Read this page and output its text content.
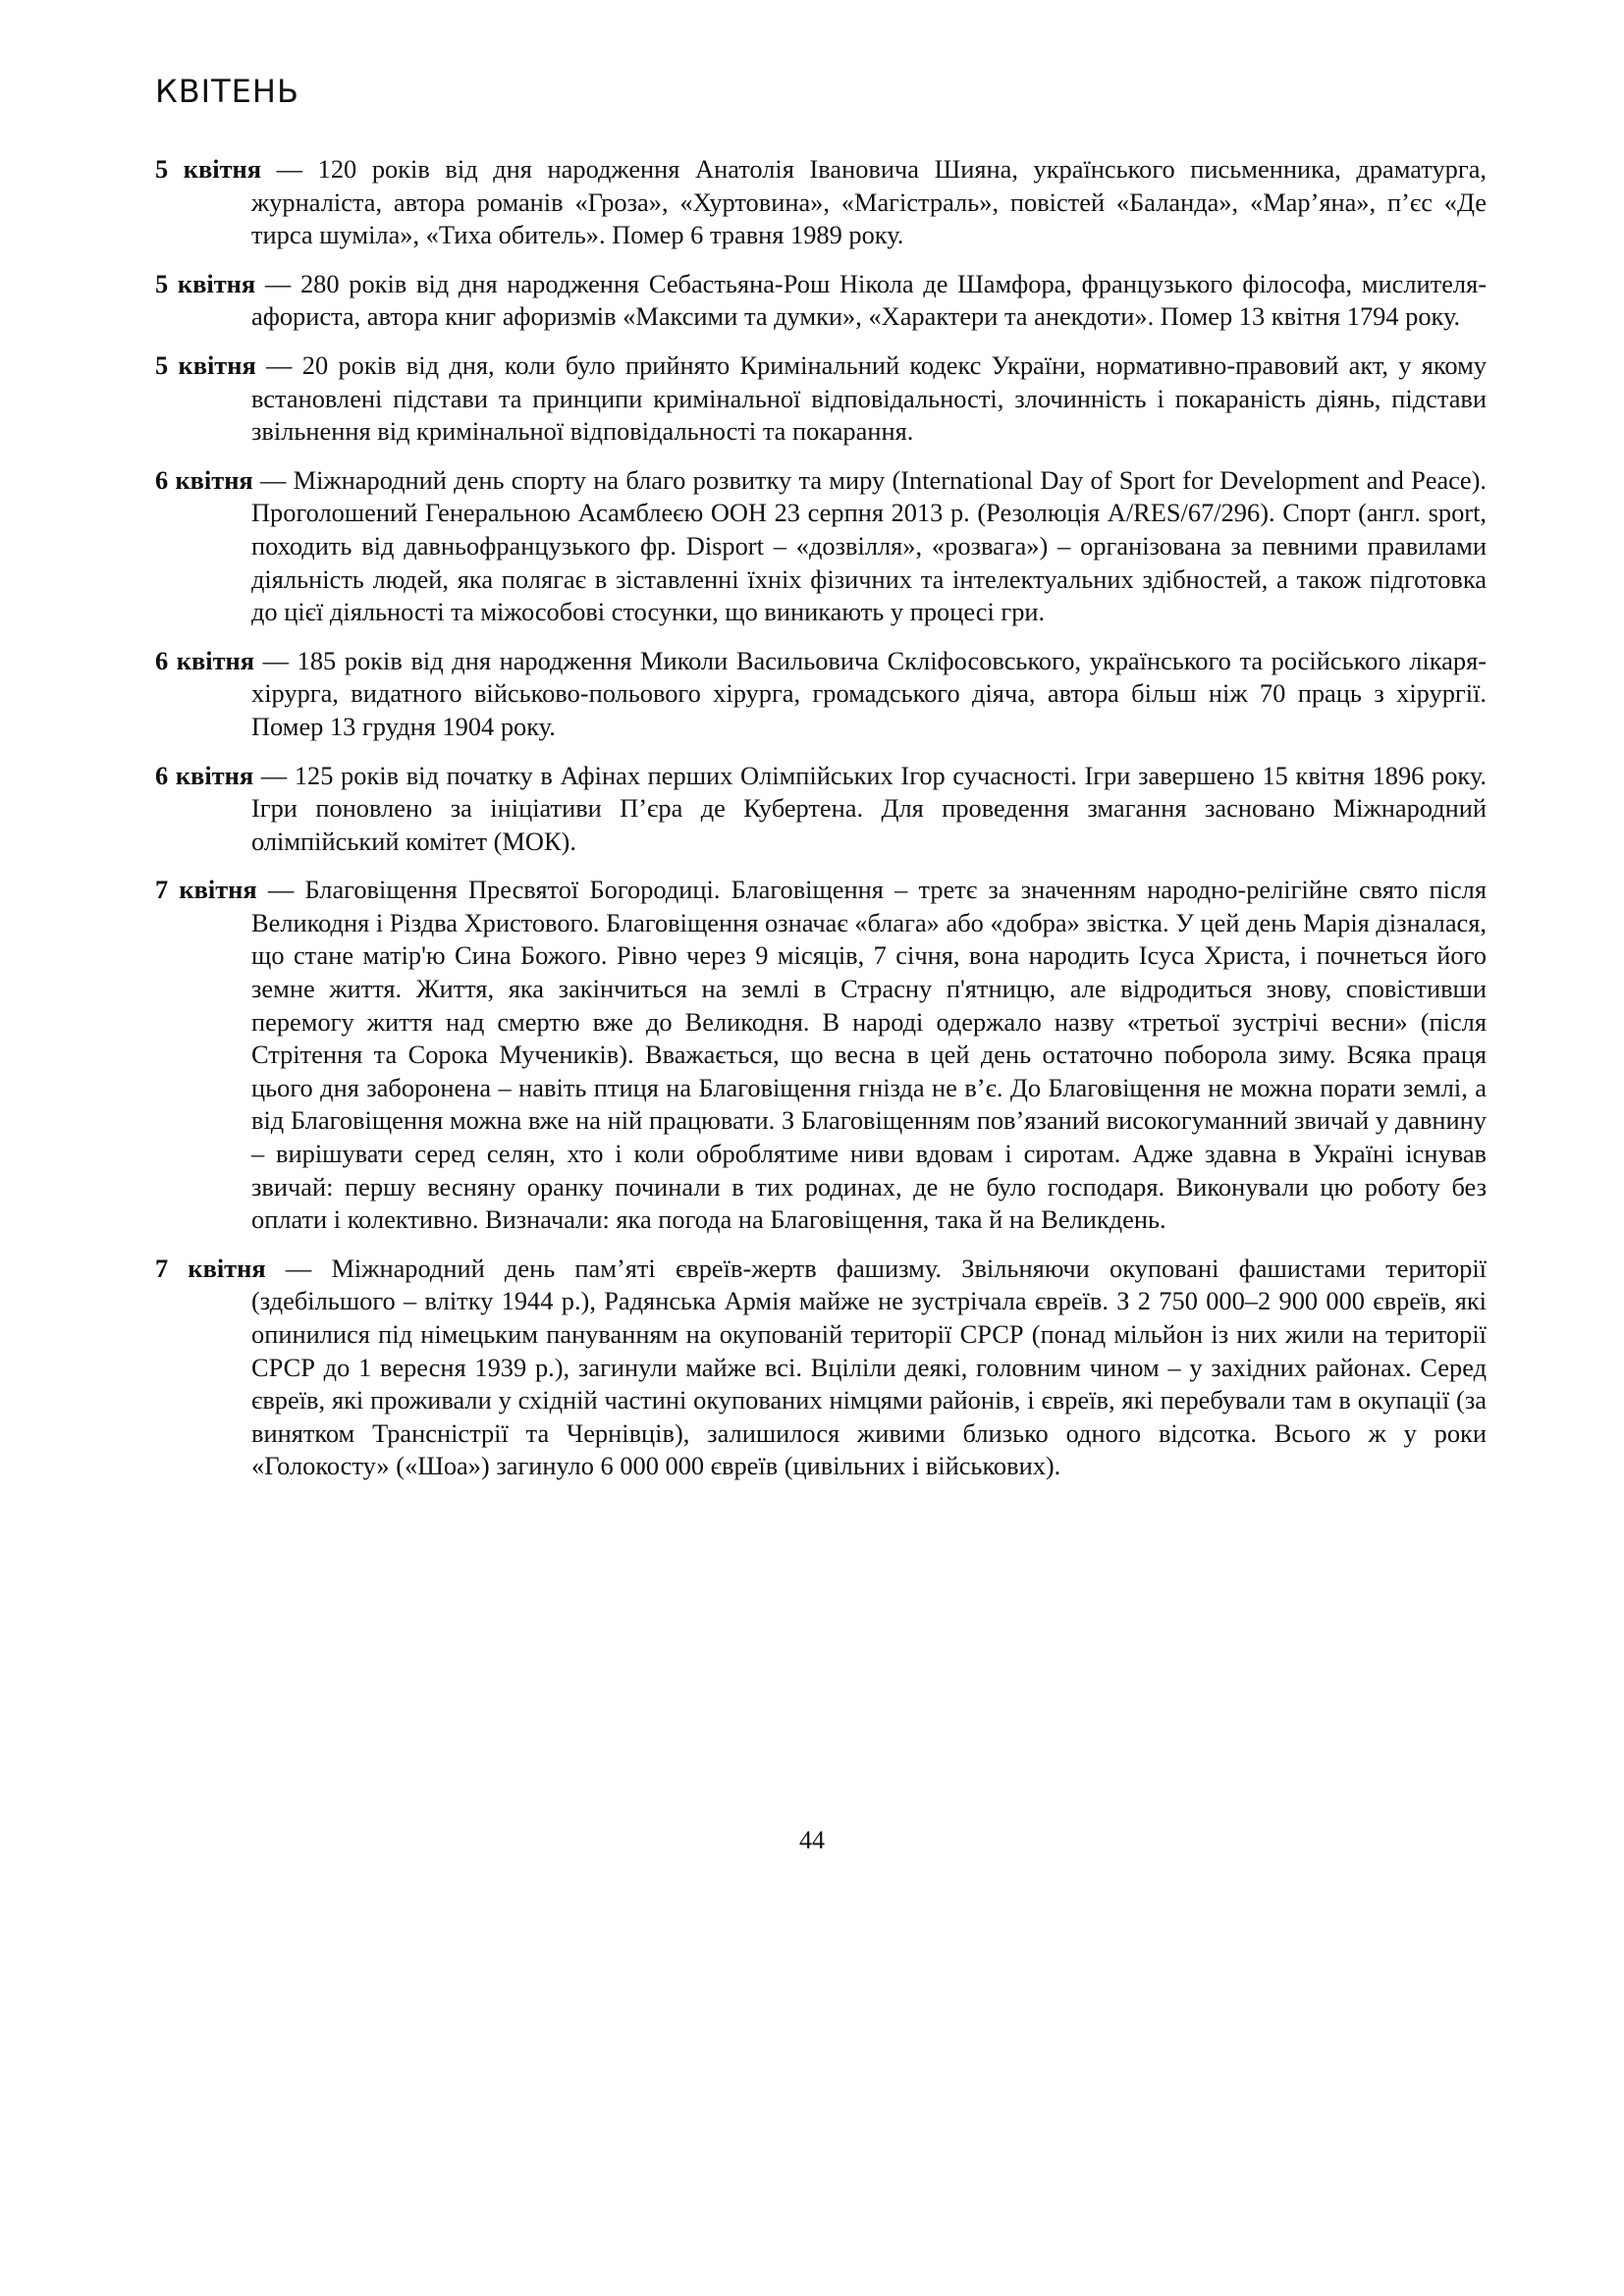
КВІТЕНЬ

5 квітня — 120 років від дня народження Анатолія Івановича Шияна, українського письменника, драматурга, журналіста, автора романів «Гроза», «Хуртовина», «Магістраль», повістей «Баланда», «Мар’яна», п’єс «Де тирса шуміла», «Тиха обитель». Помер 6 травня 1989 року.

5 квітня — 280 років від дня народження Себастьяна-Рош Нікола де Шамфора, французького філософа, мислителя-афориста, автора книг афоризмів «Максими та думки», «Характери та анекдоти». Помер 13 квітня 1794 року.

5 квітня — 20 років від дня, коли було прийнято Кримінальний кодекс України, нормативно-правовий акт, у якому встановлені підстави та принципи кримінальної відповідальності, злочинність і покараність діянь, підстави звільнення від кримінальної відповідальності та покарання.

6 квітня — Міжнародний день спорту на благо розвитку та миру (International Day of Sport for Development and Peace). Проголошений Генеральною Асамблеєю ООН 23 серпня 2013 р. (Резолюція A/RES/67/296). Спорт (англ. sport, походить від давньофранцузького фр. Disport – «дозвілля», «розвага») – організована за певними правилами діяльність людей, яка полягає в зіставленні їхніх фізичних та інтелектуальних здібностей, а також підготовка до цієї діяльності та міжособові стосунки, що виникають у процесі гри.

6 квітня — 185 років від дня народження Миколи Васильовича Скліфосовського, українського та російського лікаря-хірурга, видатного військово-польового хірурга, громадського діяча, автора більш ніж 70 праць з хірургії. Помер 13 грудня 1904 року.

6 квітня — 125 років від початку в Афінах перших Олімпійських Ігор сучасності. Ігри завершено 15 квітня 1896 року. Ігри поновлено за ініціативи П’єра де Кубертена. Для проведення змагання засновано Міжнародний олімпійський комітет (МОК).

7 квітня — Благовіщення Пресвятої Богородиці. Благовіщення – третє за значенням народно-релігійне свято після Великодня і Різдва Христового. Благовіщення означає «блага» або «добра» звістка. У цей день Марія дізналася, що стане матір'ю Сина Божого. Рівно через 9 місяців, 7 січня, вона народить Ісуса Христа, і почнеться його земне життя. Життя, яка закінчиться на землі в Страсну п'ятницю, але відродиться знову, сповістивши перемогу життя над смертю вже до Великодня. В народі одержало назву «третьої зустрічі весни» (після Стрітення та Сорока Мучеників). Вважається, що весна в цей день остаточно поборола зиму. Всяка праця цього дня заборонена – навіть птиця на Благовіщення гнізда не в’є. До Благовіщення не можна порати землі, а від Благовіщення можна вже на ній працювати. З Благовіщенням пов’язаний високогуманний звичай у давнину – вирішувати серед селян, хто і коли оброблятиме ниви вдовам і сиротам. Адже здавна в Україні існував звичай: першу весняну оранку починали в тих родинах, де не було господаря. Виконували цю роботу без оплати і колективно. Визначали: яка погода на Благовіщення, така й на Великдень.

7 квітня — Міжнародний день пам’яті євреїв-жертв фашизму. Звільняючи окуповані фашистами території (здебільшого – влітку 1944 р.), Радянська Армія майже не зустрічала євреїв. З 2 750 000–2 900 000 євреїв, які опинилися під німецьким пануванням на окупованій території СРСР (понад мільйон із них жили на території СРСР до 1 вересня 1939 р.), загинули майже всі. Вціліли деякі, головним чином – у західних районах. Серед євреїв, які проживали у східній частині окупованих німцями районів, і євреїв, які перебували там в окупації (за винятком Трансністрії та Чернівців), залишилося живими близько одного відсотка. Всього ж у роки «Голокосту» («Шоа») загинуло 6 000 000 євреїв (цивільних і військових).

44
